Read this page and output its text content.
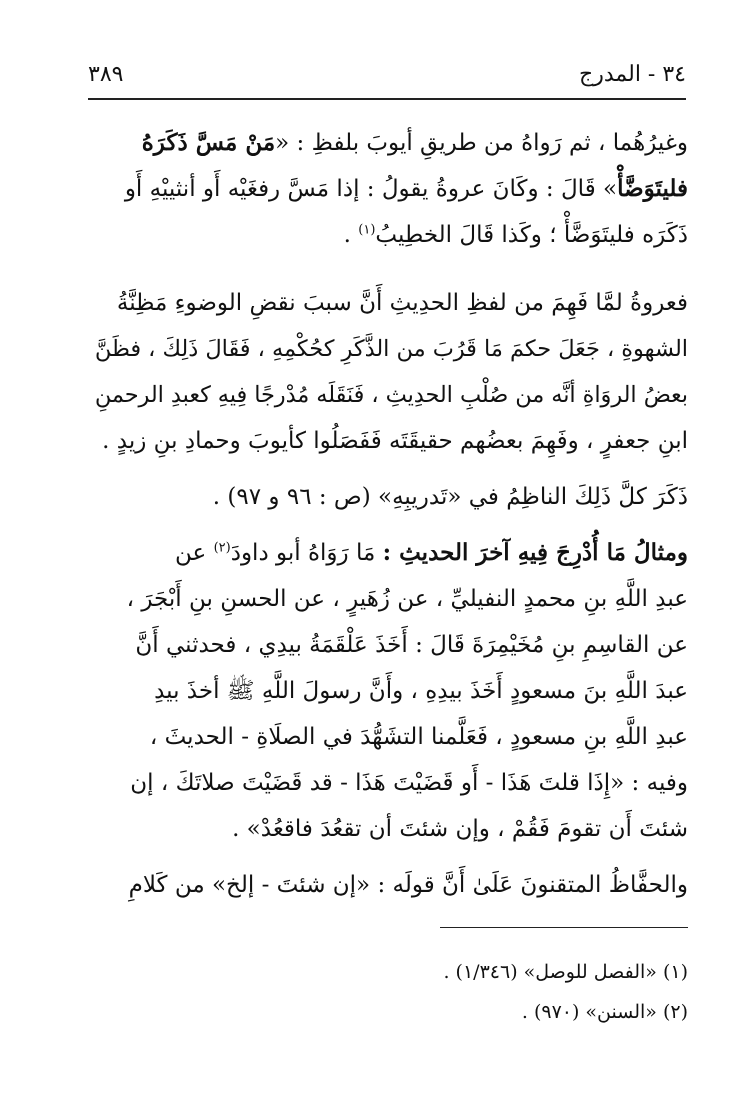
٣٤ - المدرج
٣٨٩
وغيرُهُما ، ثم رَواهُ من طريقِ أيوبَ بلفظِ : «مَنْ مَسَّ ذَكَرَهُ
فليتَوَضَّأْ» قَالَ : وكَانَ عروةُ يقولُ : إذا مَسَّ رفغَيْه أَو أنثييْهِ أَو
ذَكَرَه فليتَوَضَّأْ ؛ وكَذا قَالَ الخطِيبُ$^{(١)}$ .
فعروةُ لمَّا فَهِمَ من لفظِ الحدِيثِ أَنَّ سببَ نقضِ الوضوءِ مَظِنَّةُ
الشهوةِ ، جَعَلَ حكمَ مَا قَرُبَ من الذَّكَرِ كحُكْمِهِ ، فَقَالَ ذَلِكَ ، فظَنَّ
بعضُ الروَاةِ أنَّه من صُلْبِ الحدِيثِ ، فَنَقَلَه مُدْرجًا فِيهِ كعبدِ الرحمنِ
ابنِ جعفرٍ ، وفَهِمَ بعضُهم حقيقَتَه فَفَصَلُوا كأيوبَ وحمادِ بنِ زيدٍ .
ذَكَرَ كلَّ ذَلِكَ الناظِمُ في «تَدريبِهِ» (ص : ٩٦ و ٩٧) .
ومثالُ مَا أُدْرِجَ فِيهِ آخرَ الحديثِ : مَا رَوَاهُ أبو داودَ$^{(٢)}$ عن
عبدِ اللَّهِ بنِ محمدٍ النفيليِّ ، عن زُهَيرٍ ، عن الحسنِ بنِ أَبْجَرَ ،
عن القاسِمِ بنِ مُخَيْمِرَةَ قَالَ : أَخَذَ عَلْقَمَةُ بيدِي ، فحدثني أَنَّ
عبدَ اللَّهِ بنَ مسعودٍ أَخَذَ بيدِهِ ، وأَنَّ رسولَ اللَّهِ ﷺ أخذَ بيدِ
عبدِ اللَّهِ بنِ مسعودٍ ، فَعَلَّمنا التشَهُّدَ في الصلَاةِ - الحديثَ ،
وفيه : «إِذَا قلتَ هَذَا - أَو قَضَيْتَ هَذَا - قد قَضَيْتَ صلاتَكَ ، إن
شئتَ أَن تقومَ فَقُمْ ، وإن شئتَ أن تقعُدَ فاقعُدْ» .
والحفَّاظُ المتقنونَ عَلَىٰ أَنَّ قولَه : «إن شئتَ - إلخ» من كَلامِ
(١) «الفصل للوصل» (١/٣٤٦) .
(٢) «السنن» (٩٧٠) .
